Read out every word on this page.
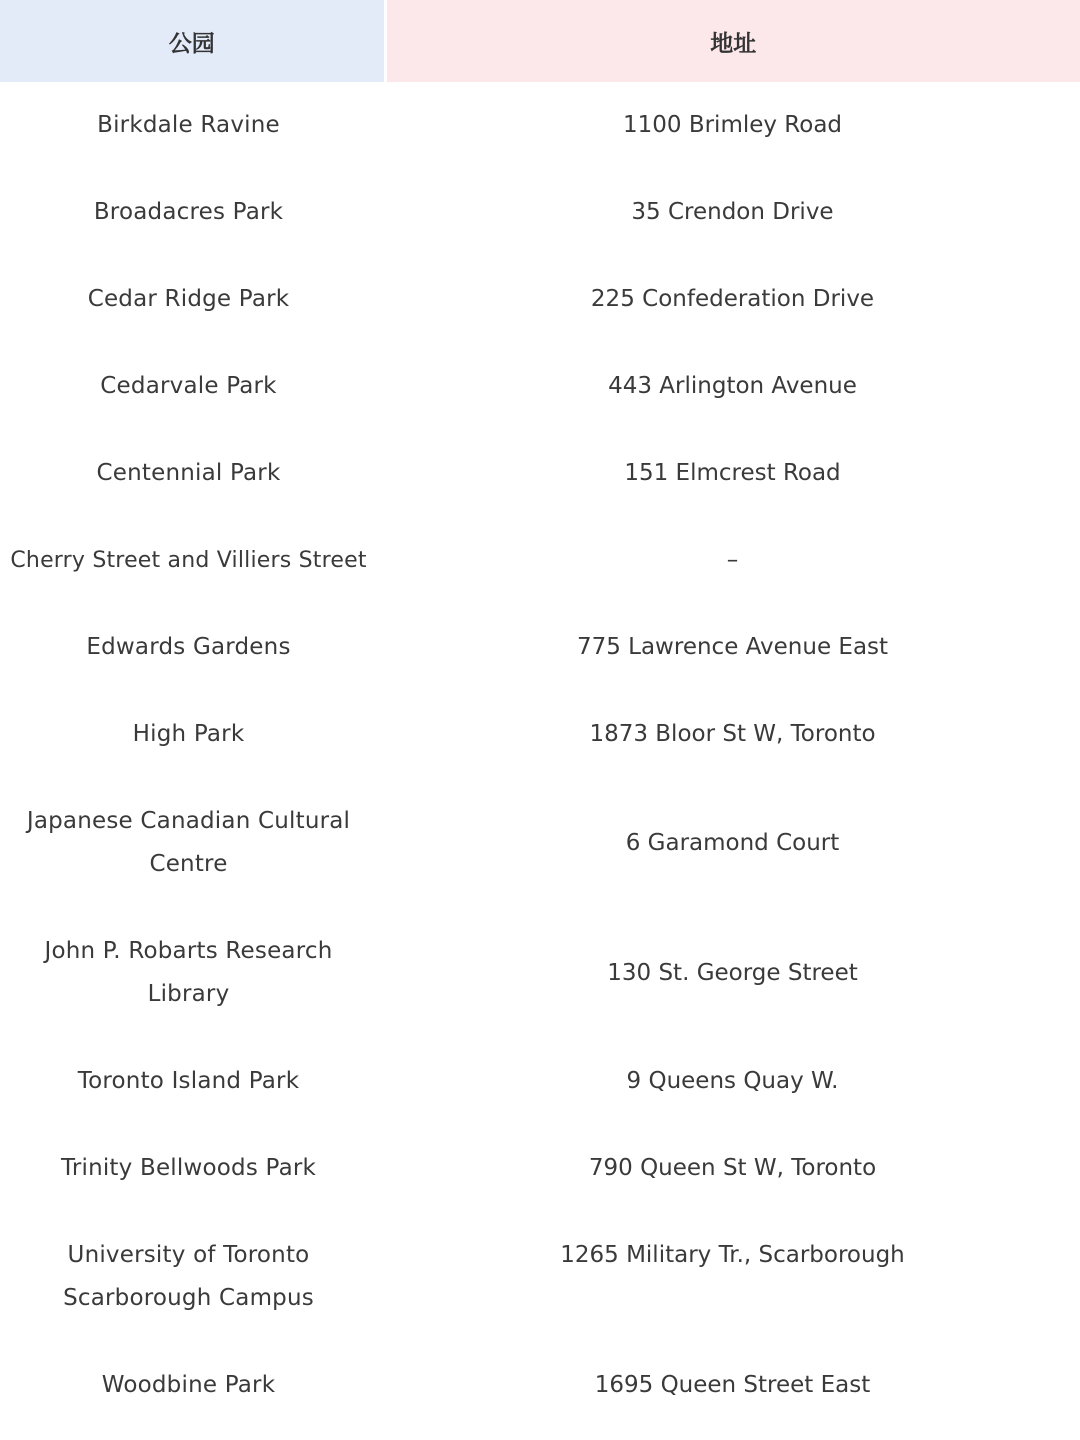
公园	地址
Birkdale Ravine	1100 Brimley Road
Broadacres Park	35 Crendon Drive
Cedar Ridge Park	225 Confederation Drive
Cedarvale Park	443 Arlington Avenue
Centennial Park	151 Elmcrest Road
Cherry Street and Villiers Street	–
Edwards Gardens	775 Lawrence Avenue East
High Park	1873 Bloor St W, Toronto
Japanese Canadian Cultural Centre	6 Garamond Court
John P. Robarts Research Library	130 St. George Street
Toronto Island Park	9 Queens Quay W.
Trinity Bellwoods Park	790 Queen St W, Toronto
University of Toronto Scarborough Campus	1265 Military Tr., Scarborough
Woodbine Park	1695 Queen Street East
